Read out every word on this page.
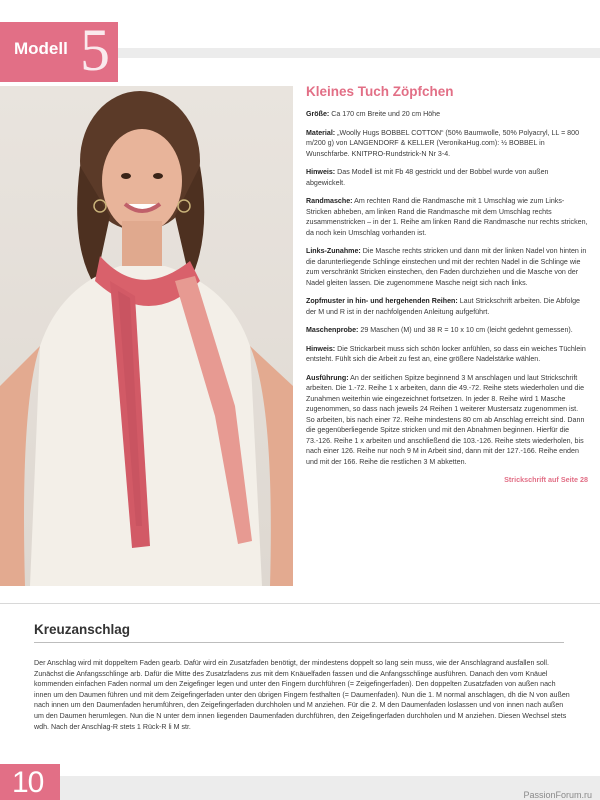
Modell 5
Kleines Tuch Zöpfchen
Größe: Ca 170 cm Breite und 20 cm Höhe
Material: „Woolly Hugs BOBBEL COTTON“ (50% Baumwolle, 50% Polyacryl, LL = 800 m/200 g) von LANGENDORF & KELLER (VeronikaHug.com): ½ BOBBEL in Wunschfarbe. KNITPRO-Rundstrick-N Nr 3-4.
Hinweis: Das Modell ist mit Fb 48 gestrickt und der Bobbel wurde von außen abgewickelt.
Randmasche: Am rechten Rand die Randmasche mit 1 Umschlag wie zum Links-Stricken abheben, am linken Rand die Randmasche mit dem Umschlag rechts zusammenstricken – in der 1. Reihe am linken Rand die Randmasche nur rechts stricken, da noch kein Umschlag vorhanden ist.
Links-Zunahme: Die Masche rechts stricken und dann mit der linken Nadel von hinten in die darunterliegende Schlinge einstechen und mit der rechten Nadel in die Schlinge wie zum verschränkt Stricken einstechen, den Faden durchziehen und die Masche von der Nadel gleiten lassen. Die zugenommene Masche neigt sich nach links.
Zopfmuster in hin- und hergehenden Reihen: Laut Strickschrift arbeiten. Die Abfolge der M und R ist in der nachfolgenden Anleitung aufgeführt.
Maschenprobe: 29 Maschen (M) und 38 R = 10 x 10 cm (leicht gedehnt gemessen).
Hinweis: Die Strickarbeit muss sich schön locker anfühlen, so dass ein weiches Tüchlein entsteht. Fühlt sich die Arbeit zu fest an, eine größere Nadelstärke wählen.
Ausführung: An der seitlichen Spitze beginnend 3 M anschlagen und laut Strickschrift arbeiten. Die 1.-72. Reihe 1 x arbeiten, dann die 49.-72. Reihe stets wiederholen und die Zunahmen weiterhin wie eingezeichnet fortsetzen. In jeder 8. Reihe wird 1 Masche zugenommen, so dass nach jeweils 24 Reihen 1 weiterer Mustersatz zugenommen ist. So arbeiten, bis nach einer 72. Reihe mindestens 80 cm ab Anschlag erreicht sind. Dann die gegenüberliegende Spitze stricken und mit den Abnahmen beginnen. Hierfür die 73.-126. Reihe 1 x arbeiten und anschließend die 103.-126. Reihe stets wiederholen, bis nach einer 126. Reihe nur noch 9 M in Arbeit sind, dann mit der 127.-166. Reihe enden und mit der 166. Reihe die restlichen 3 M abketten.
Strickschrift auf Seite 28
Kreuzanschlag

Der Anschlag wird mit doppeltem Faden gearb. Dafür wird ein Zusatzfaden benötigt, der mindestens doppelt so lang sein muss, wie der Anschlagrand ausfallen soll. Zunächst die Anfangsschlinge arb. Dafür die Mitte des Zusatzfadens zus mit dem Knäuelfaden fassen und die Anfangsschlinge ausführen. Danach den vom Knäuel kommenden einfachen Faden normal um den Zeigefinger legen und unter den Fingern durchführen (= Zeigefingerfaden). Den doppelten Zusatzfaden von außen nach innen um den Daumen führen und mit dem Zeigefingerfaden unter den übrigen Fingern festhalten (= Daumenfaden). Nun die 1. M normal anschlagen, dh die N von außen nach innen um den Daumenfaden herumführen, den Zeigefingerfaden durchholen und M anziehen. Für die 2. M den Daumenfaden loslassen und von innen nach außen um den Daumen herumlegen. Nun die N unter dem innen liegenden Daumenfaden durchführen, den Zeigefingerfaden durchholen und M anziehen. Diesen Wechsel stets wdh. Nach der Anschlag-R stets 1 Rück-R li M str.

10	PassionForum.ru
